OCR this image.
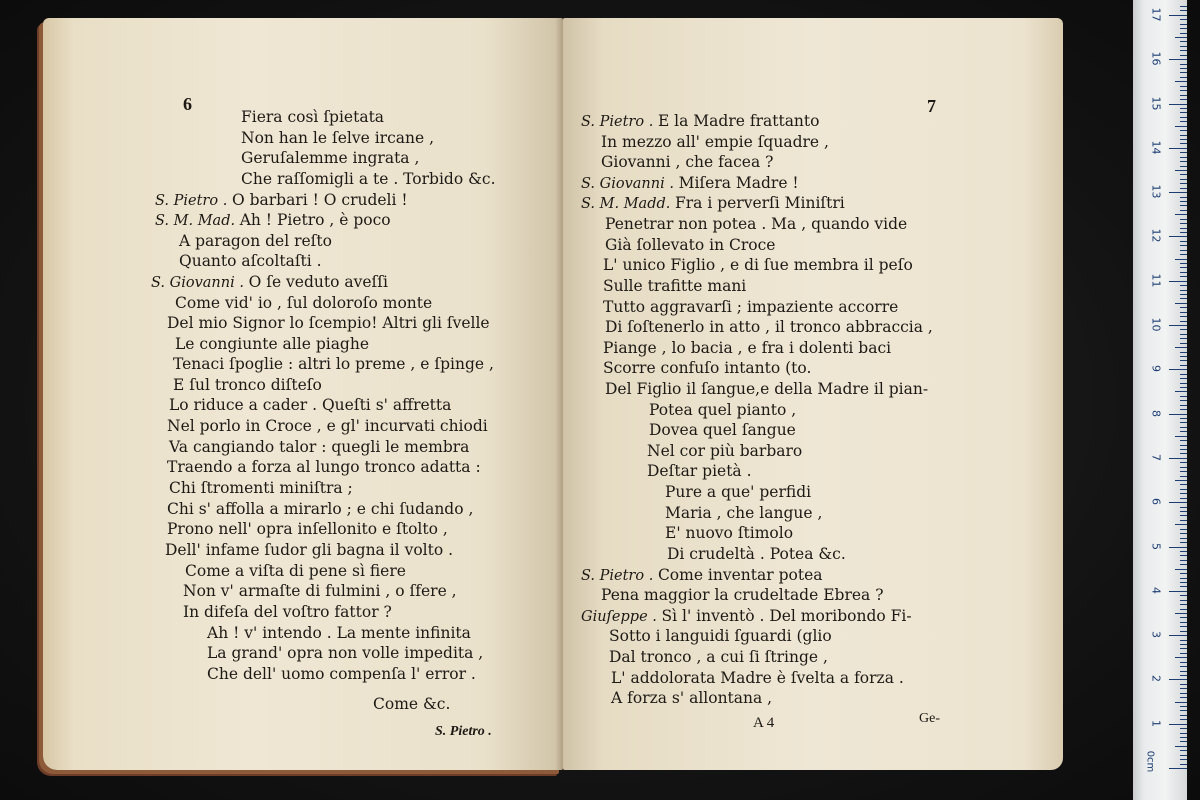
6
Fiera così ſpietata
Non han le ſelve ircane ,
Geruſalemme ingrata ,
Che raſſomigli a te . Torbido &c.
S. Pietro . O barbari ! O crudeli !
S. M. Mad. Ah ! Pietro , è poco
A paragon del reſto
Quanto aſcoltaſti .
S. Giovanni . O ſe veduto aveſſi
Come vid' io , ſul doloroſo monte
Del mio Signor lo ſcempio! Altri gli ſvelle
Le congiunte alle piaghe
Tenaci ſpoglie : altri lo preme , e ſpinge ,
E ſul tronco diſteſo
Lo riduce a cader . Queſti s' affretta
Nel porlo in Croce , e gl' incurvati chiodi
Va cangiando talor : quegli le membra
Traendo a forza al lungo tronco adatta :
Chi ſtromenti miniſtra ;
Chi s' affolla a mirarlo ; e chi ſudando ,
Prono nell' opra inſellonito e ſtolto ,
Dell' infame ſudor gli bagna il volto .
Come a viſta di pene sì fiere
Non v' armaſte di fulmini , o ſfere ,
In difeſa del voſtro fattor ?
Ah ! v' intendo . La mente infinita
La grand' opra non volle impedita ,
Che dell' uomo compenſa l' error .
Come &c.
S. Pietro .
7
S. Pietro . E la Madre frattanto
In mezzo all' empie ſquadre ,
Giovanni , che facea ?
S. Giovanni . Miſera Madre !
S. M. Madd. Fra i perverſi Miniſtri
Penetrar non potea . Ma , quando vide
Già ſollevato in Croce
L' unico Figlio , e di ſue membra il peſo
Sulle trafitte mani
Tutto aggravarſi ; impaziente accorre
Di ſoſtenerlo in atto , il tronco abbraccia ,
Piange , lo bacia , e fra i dolenti baci
Scorre confuſo intanto (to.
Del Figlio il ſangue,e della Madre il pian-
Potea quel pianto ,
Dovea quel ſangue
Nel cor più barbaro
Deſtar pietà .
Pure a que' perfidi
Maria , che langue ,
E' nuovo ſtimolo
Di crudeltà . Potea &c.
S. Pietro . Come inventar potea
Pena maggior la crudeltade Ebrea ?
Giuſeppe . Sì l' inventò . Del moribondo Fi-
Sotto i languidi ſguardi (glio
Dal tronco , a cui ſi ſtringe ,
L' addolorata Madre è ſvelta a forza .
A forza s' allontana ,
A 4	Ge-
0cm
1
2
3
4
5
6
7
8
9
10
11
12
13
14
15
16
17
